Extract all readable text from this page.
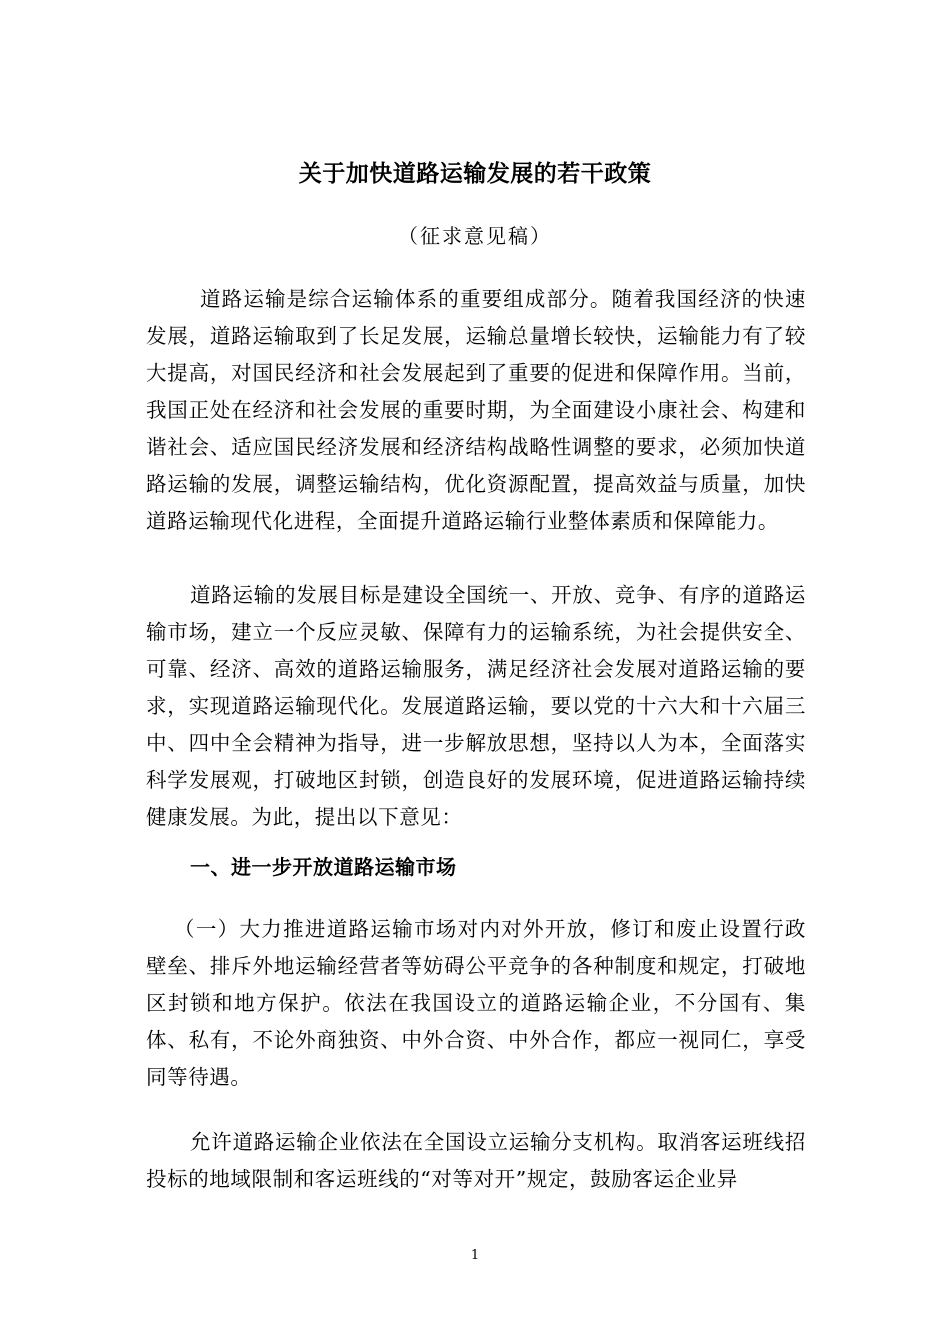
关于加快道路运输发展的若干政策
（征求意见稿）

道路运输是综合运输体系的重要组成部分。随着我国经济的快速发展，道路运输取到了长足发展，运输总量增长较快，运输能力有了较大提高，对国民经济和社会发展起到了重要的促进和保障作用。当前，我国正处在经济和社会发展的重要时期，为全面建设小康社会、构建和谐社会、适应国民经济发展和经济结构战略性调整的要求，必须加快道路运输的发展，调整运输结构，优化资源配置，提高效益与质量，加快道路运输现代化进程，全面提升道路运输行业整体素质和保障能力。

道路运输的发展目标是建设全国统一、开放、竞争、有序的道路运输市场，建立一个反应灵敏、保障有力的运输系统，为社会提供安全、可靠、经济、高效的道路运输服务，满足经济社会发展对道路运输的要求，实现道路运输现代化。发展道路运输，要以党的十六大和十六届三中、四中全会精神为指导，进一步解放思想，坚持以人为本，全面落实科学发展观，打破地区封锁，创造良好的发展环境，促进道路运输持续健康发展。为此，提出以下意见：

一、进一步开放道路运输市场

（一）大力推进道路运输市场对内对外开放，修订和废止设置行政壁垒、排斥外地运输经营者等妨碍公平竞争的各种制度和规定，打破地区封锁和地方保护。依法在我国设立的道路运输企业，不分国有、集体、私有，不论外商独资、中外合资、中外合作，都应一视同仁，享受同等待遇。

允许道路运输企业依法在全国设立运输分支机构。取消客运班线招投标的地域限制和客运班线的“对等对开”规定，鼓励客运企业异

1
